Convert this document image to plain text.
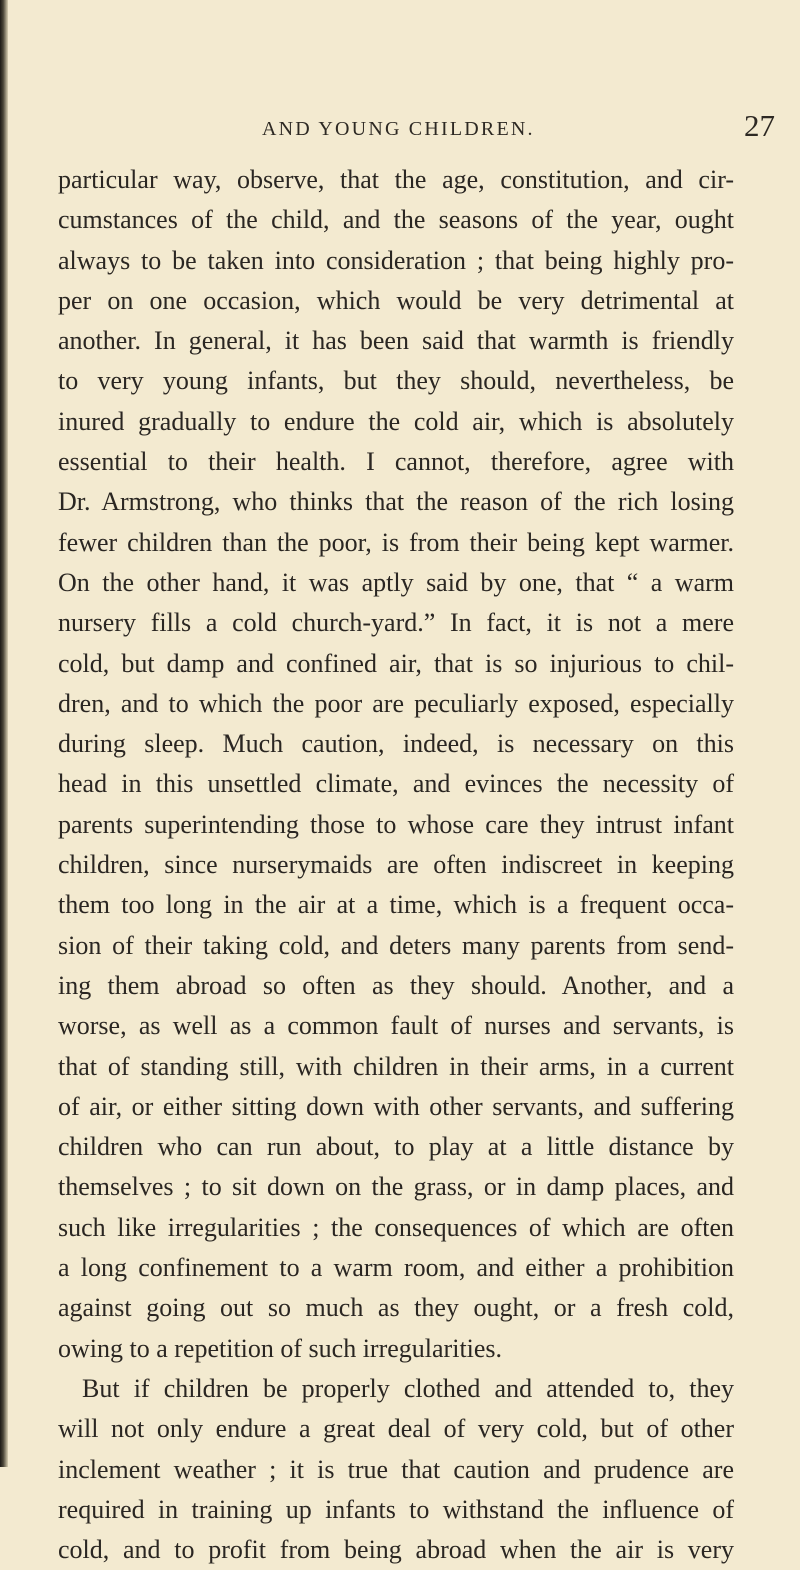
AND YOUNG CHILDREN.	27
particular way, observe, that the age, constitution, and cir-
cumstances of the child, and the seasons of the year, ought
always to be taken into consideration ; that being highly pro-
per on one occasion, which would be very detrimental at
another. In general, it has been said that warmth is friendly
to very young infants, but they should, nevertheless, be
inured gradually to endure the cold air, which is absolutely
essential to their health. I cannot, therefore, agree with
Dr. Armstrong, who thinks that the reason of the rich losing
fewer children than the poor, is from their being kept warmer.
On the other hand, it was aptly said by one, that “ a warm
nursery fills a cold church-yard.” In fact, it is not a mere
cold, but damp and confined air, that is so injurious to chil-
dren, and to which the poor are peculiarly exposed, especially
during sleep. Much caution, indeed, is necessary on this
head in this unsettled climate, and evinces the necessity of
parents superintending those to whose care they intrust infant
children, since nurserymaids are often indiscreet in keeping
them too long in the air at a time, which is a frequent occa-
sion of their taking cold, and deters many parents from send-
ing them abroad so often as they should. Another, and a
worse, as well as a common fault of nurses and servants, is
that of standing still, with children in their arms, in a current
of air, or either sitting down with other servants, and suffering
children who can run about, to play at a little distance by
themselves ; to sit down on the grass, or in damp places, and
such like irregularities ; the consequences of which are often
a long confinement to a warm room, and either a prohibition
against going out so much as they ought, or a fresh cold,
owing to a repetition of such irregularities.
But if children be properly clothed and attended to, they
will not only endure a great deal of very cold, but of other
inclement weather ; it is true that caution and prudence are
required in training up infants to withstand the influence of
cold, and to profit from being abroad when the air is very
